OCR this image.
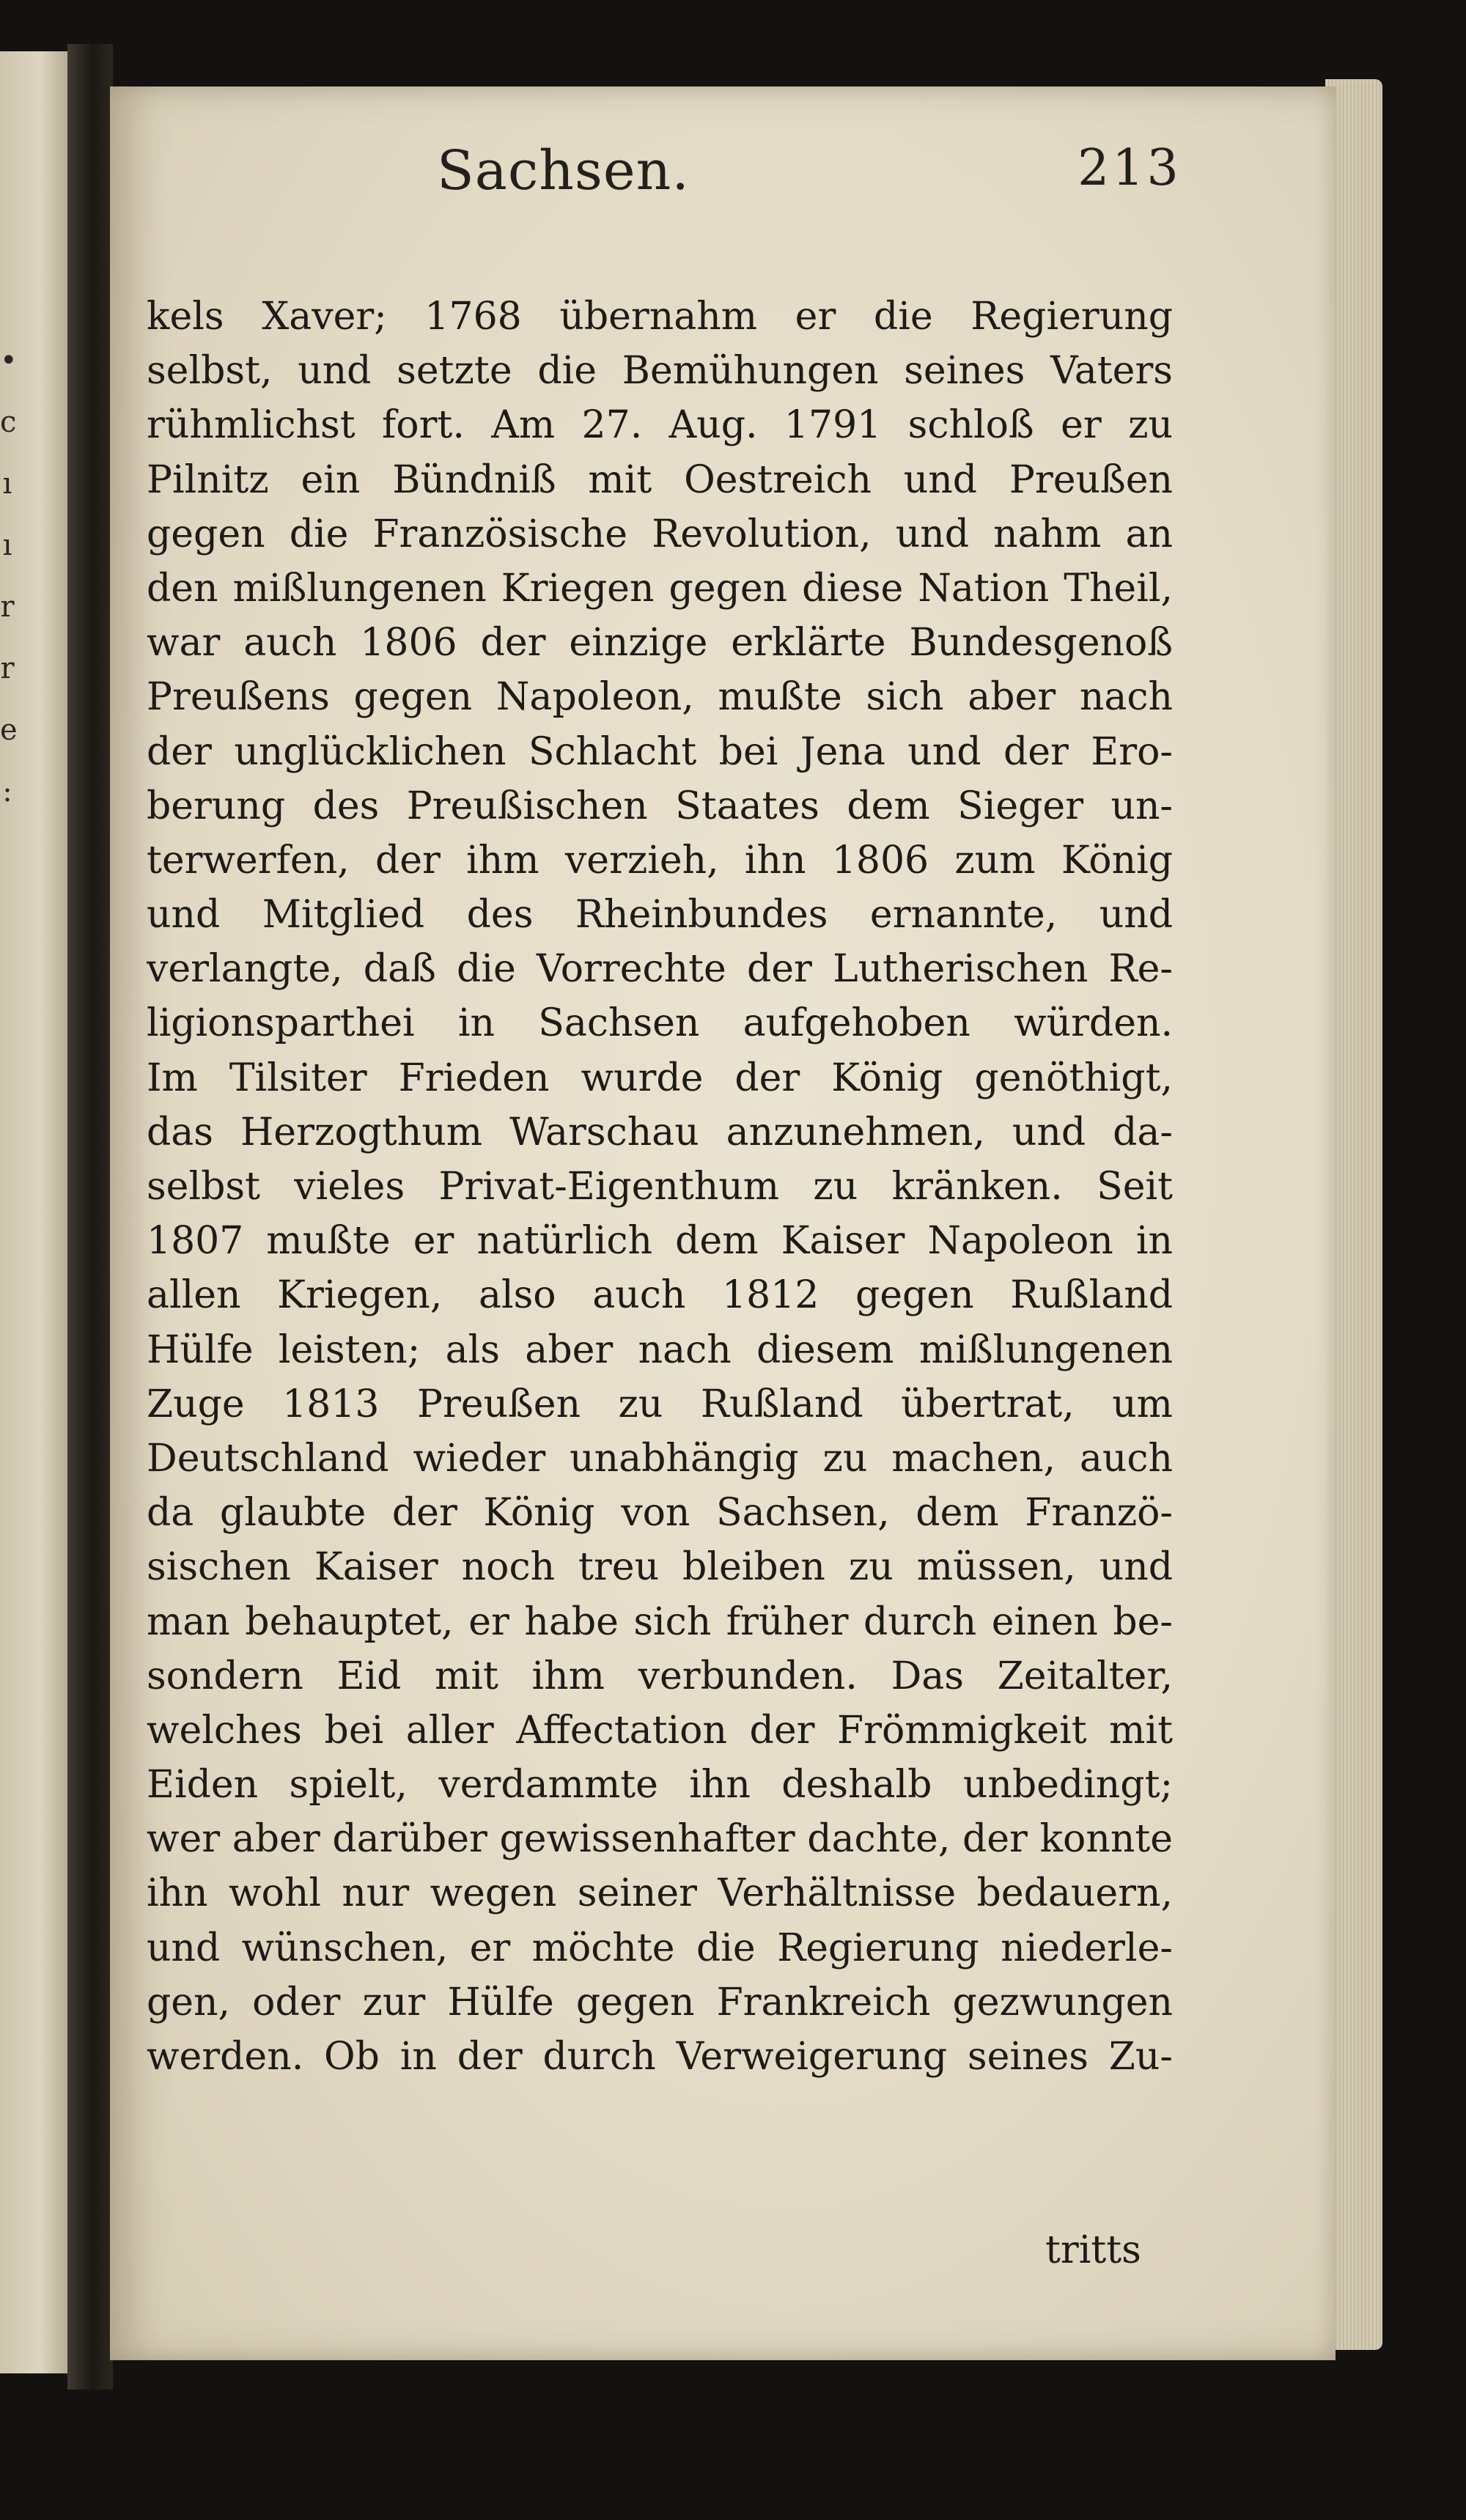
•
c
ı
ı
r
r
e
:
Sachsen.	213
kels Xaver; 1768 übernahm er die Regierung
selbst, und setzte die Bemühungen seines Vaters
rühmlichst fort. Am 27. Aug. 1791 schloß er zu
Pilnitz ein Bündniß mit Oestreich und Preußen
gegen die Französische Revolution, und nahm an
den mißlungenen Kriegen gegen diese Nation Theil,
war auch 1806 der einzige erklärte Bundesgenoß
Preußens gegen Napoleon, mußte sich aber nach
der unglücklichen Schlacht bei Jena und der Ero-
berung des Preußischen Staates dem Sieger un-
terwerfen, der ihm verzieh, ihn 1806 zum König
und Mitglied des Rheinbundes ernannte, und
verlangte, daß die Vorrechte der Lutherischen Re-
ligionsparthei in Sachsen aufgehoben würden.
Im Tilsiter Frieden wurde der König genöthigt,
das Herzogthum Warschau anzunehmen, und da-
selbst vieles Privat-Eigenthum zu kränken. Seit
1807 mußte er natürlich dem Kaiser Napoleon in
allen Kriegen, also auch 1812 gegen Rußland
Hülfe leisten; als aber nach diesem mißlungenen
Zuge 1813 Preußen zu Rußland übertrat, um
Deutschland wieder unabhängig zu machen, auch
da glaubte der König von Sachsen, dem Franzö-
sischen Kaiser noch treu bleiben zu müssen, und
man behauptet, er habe sich früher durch einen be-
sondern Eid mit ihm verbunden. Das Zeitalter,
welches bei aller Affectation der Frömmigkeit mit
Eiden spielt, verdammte ihn deshalb unbedingt;
wer aber darüber gewissenhafter dachte, der konnte
ihn wohl nur wegen seiner Verhältnisse bedauern,
und wünschen, er möchte die Regierung niederle-
gen, oder zur Hülfe gegen Frankreich gezwungen
werden. Ob in der durch Verweigerung seines Zu-
tritts
